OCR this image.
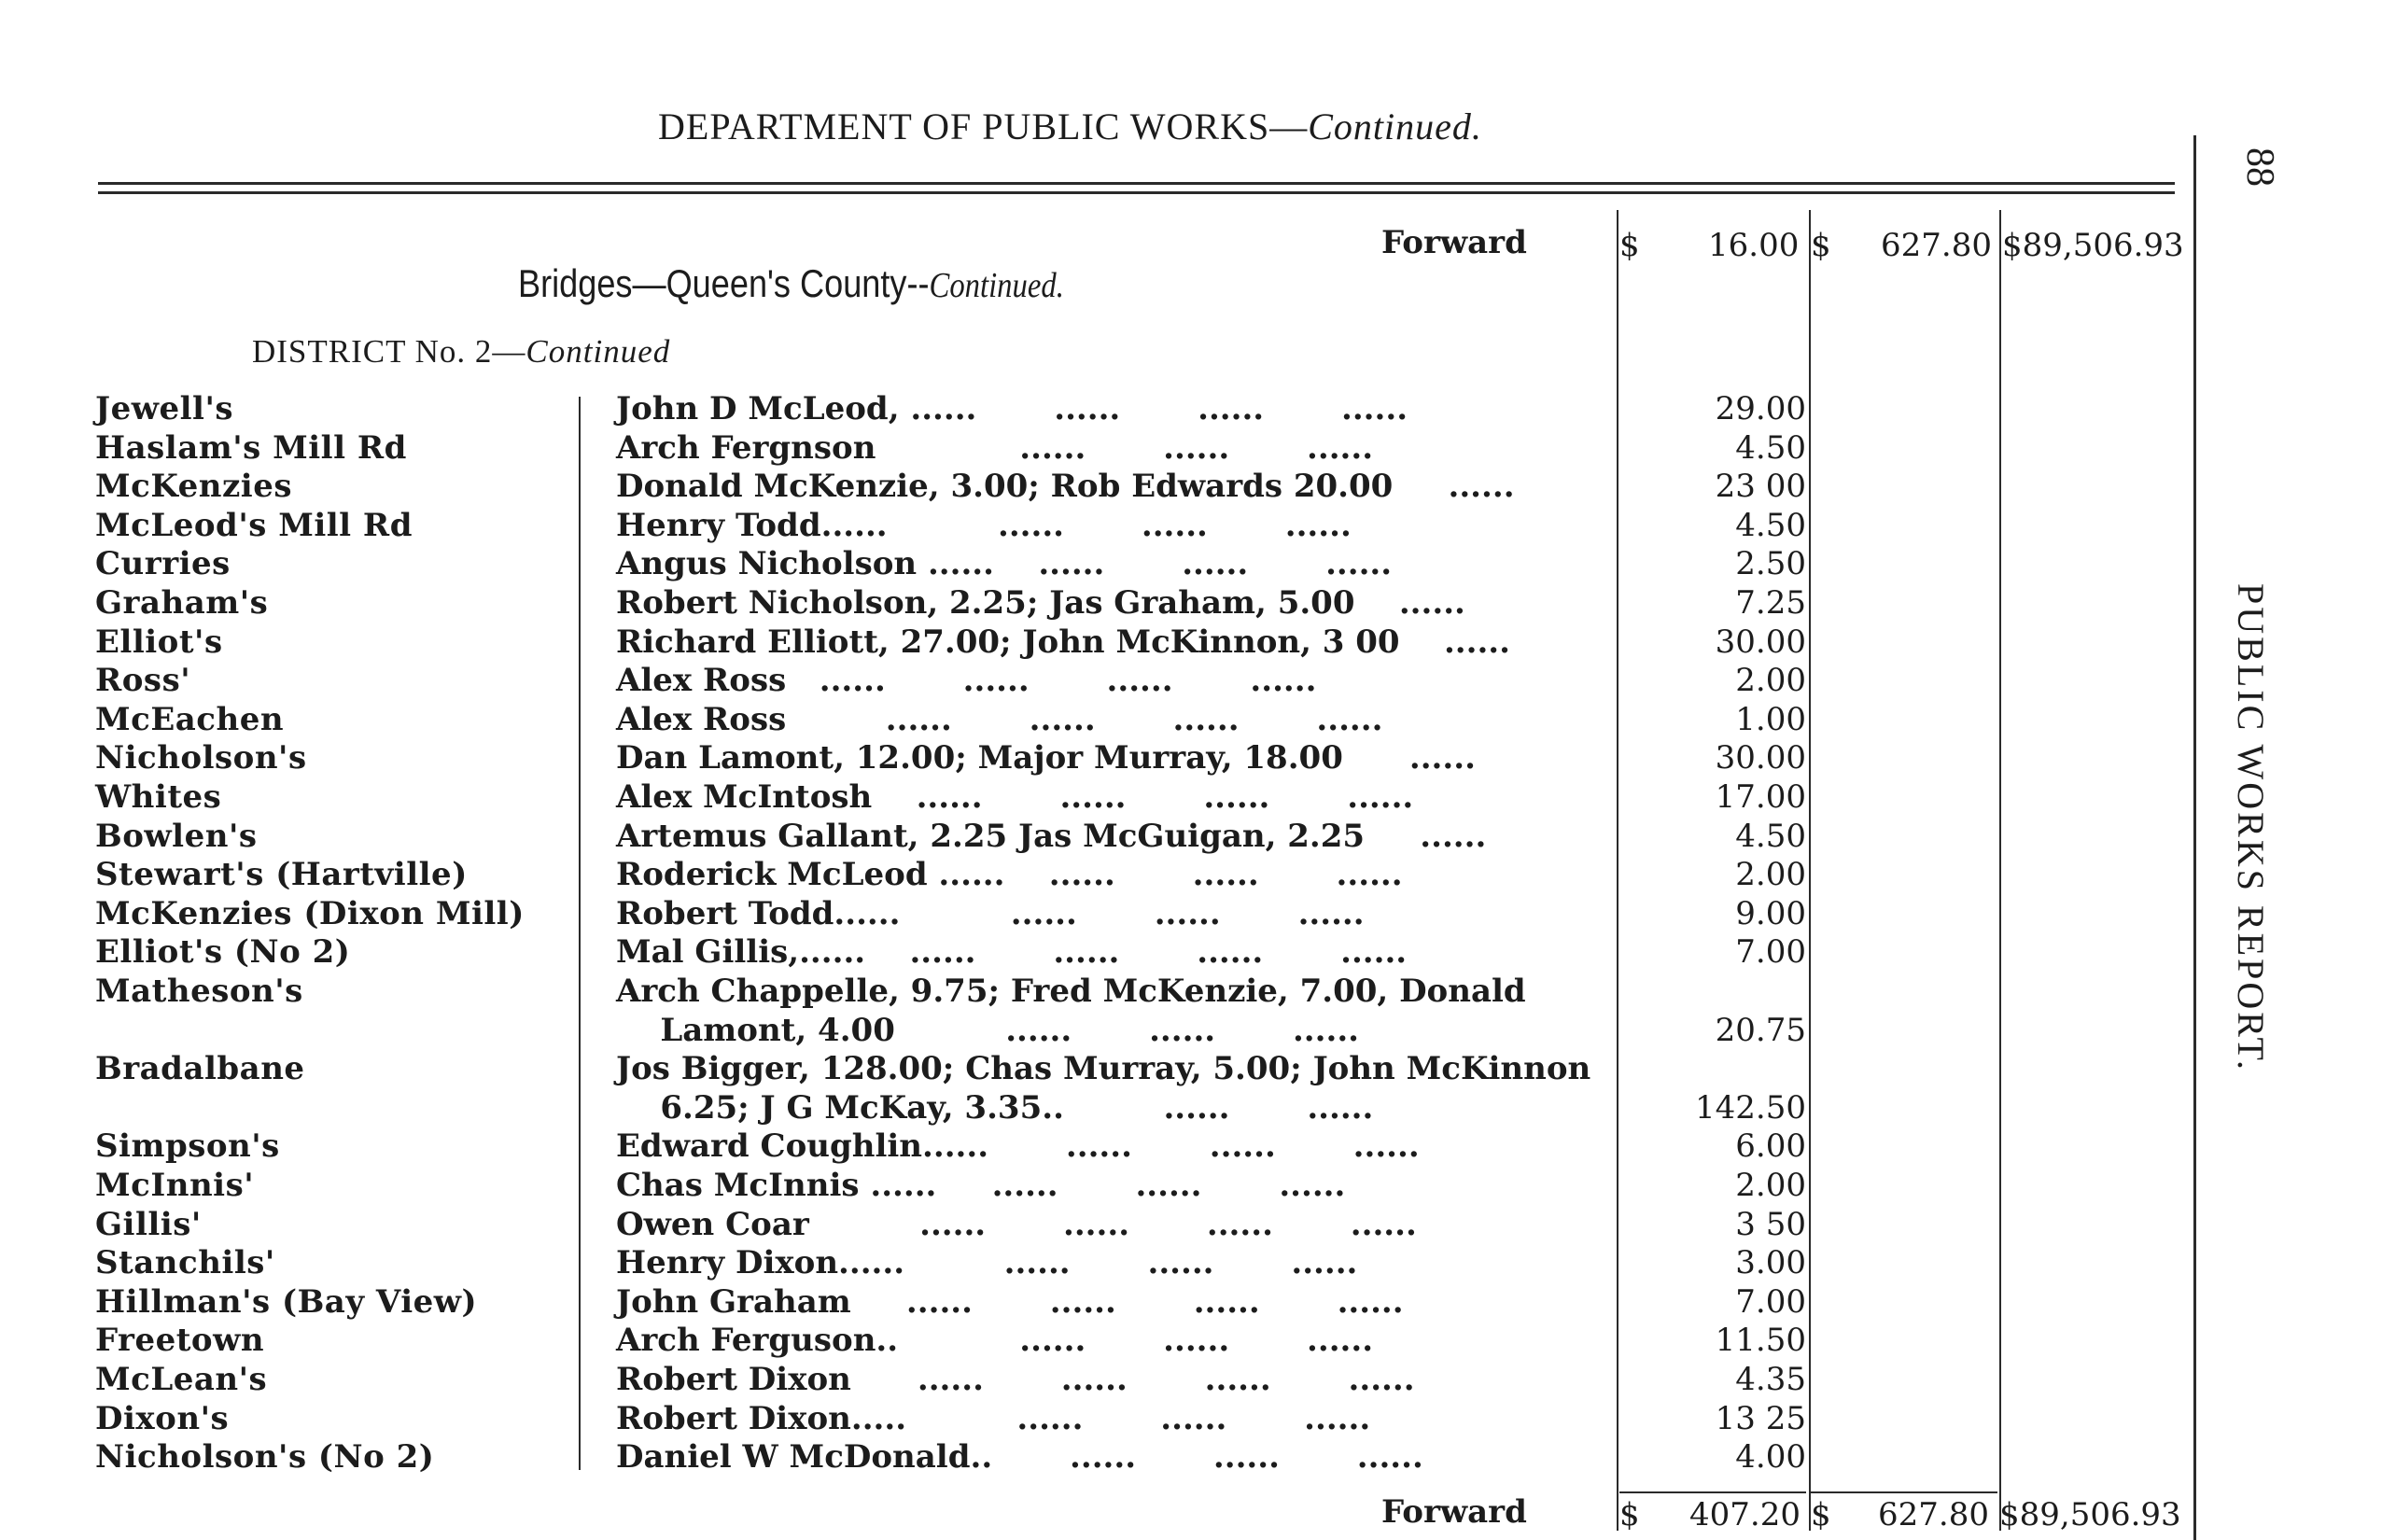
DEPARTMENT OF PUBLIC WORKS—Continued.
88
PUBLIC WORKS REPORT.
Forward	$ 16.00 $ 627.80 $89,506.93
Bridges—Queen's County--Continued.
DISTRICT No. 2—Continued
Jewell's	John D McLeod, ......       ......       ......       ......	29.00
Haslam's Mill Rd	Arch Fergnson             ......       ......       ......	4.50
McKenzies	Donald McKenzie, 3.00; Rob Edwards 20.00     ......	23 00
McLeod's Mill Rd	Henry Todd......          ......       ......       ......	4.50
Curries	Angus Nicholson ......    ......       ......       ......	2.50
Graham's	Robert Nicholson, 2.25; Jas Graham, 5.00    ......	7.25
Elliot's	Richard Elliott, 27.00; John McKinnon, 3 00    ......	30.00
Ross'	Alex Ross   ......       ......       ......       ......	2.00
McEachen	Alex Ross         ......       ......       ......       ......	1.00
Nicholson's	Dan Lamont, 12.00; Major Murray, 18.00      ......	30.00
Whites	Alex McIntosh    ......       ......       ......       ......	17.00
Bowlen's	Artemus Gallant, 2.25 Jas McGuigan, 2.25     ......	4.50
Stewart's (Hartville)	Roderick McLeod ......    ......       ......       ......	2.00
McKenzies (Dixon Mill)	Robert Todd......          ......       ......       ......	9.00
Elliot's (No 2)	Mal Gillis,......    ......       ......       ......       ......	7.00
Matheson's	Arch Chappelle, 9.75; Fred McKenzie, 7.00, Donald
Lamont, 4.00          ......       ......       ......	20.75
Bradalbane	Jos Bigger, 128.00; Chas Murray, 5.00; John McKinnon
6.25; J G McKay, 3.35..         ......       ......	142.50
Simpson's	Edward Coughlin......       ......       ......       ......	6.00
McInnis'	Chas McInnis ......     ......       ......       ......	2.00
Gillis'	Owen Coar          ......       ......       ......       ......	3 50
Stanchils'	Henry Dixon......         ......       ......       ......	3.00
Hillman's (Bay View)	John Graham     ......       ......       ......       ......	7.00
Freetown	Arch Ferguson..           ......       ......       ......	11.50
McLean's	Robert Dixon      ......       ......       ......       ......	4.35
Dixon's	Robert Dixon.....          ......       ......       ......	13 25
Nicholson's (No 2)	Daniel W McDonald..       ......       ......       ......	4.00
Forward	$ 407.20 $ 627.80 $89,506.93
